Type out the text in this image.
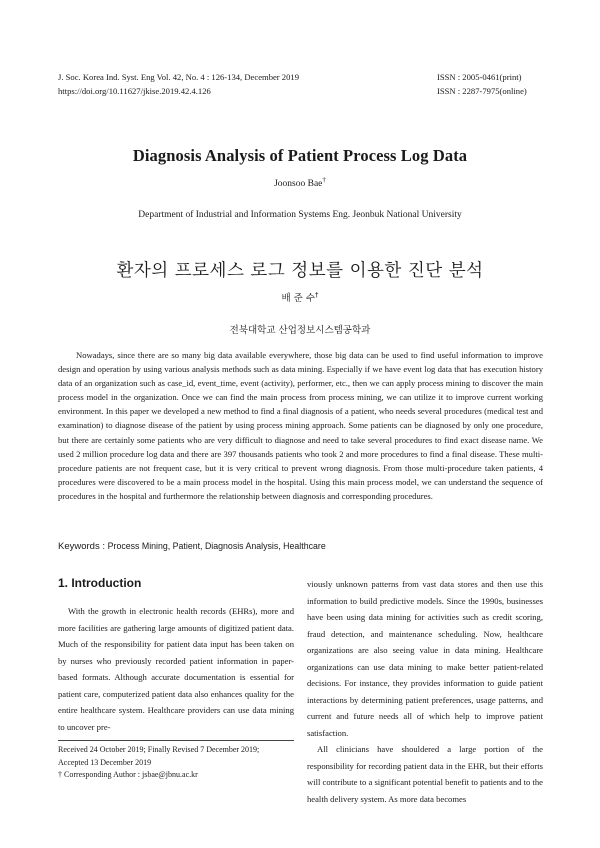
J. Soc. Korea Ind. Syst. Eng Vol. 42, No. 4 : 126-134, December 2019
https://doi.org/10.11627/jkise.2019.42.4.126
ISSN : 2005-0461(print)
ISSN : 2287-7975(online)
Diagnosis Analysis of Patient Process Log Data
Joonsoo Bae†
Department of Industrial and Information Systems Eng. Jeonbuk National University
환자의 프로세스 로그 정보를 이용한 진단 분석
배 준 수†
전북대학교 산업정보시스템공학과

Nowadays, since there are so many big data available everywhere, those big data can be used to find useful information to improve design and operation by using various analysis methods such as data mining. Especially if we have event log data that has execution history data of an organization such as case_id, event_time, event (activity), performer, etc., then we can apply process mining to discover the main process model in the organization. Once we can find the main process from process mining, we can utilize it to improve current working environment. In this paper we developed a new method to find a final diagnosis of a patient, who needs several procedures (medical test and examination) to diagnose disease of the patient by using process mining approach. Some patients can be diagnosed by only one procedure, but there are certainly some patients who are very difficult to diagnose and need to take several procedures to find exact disease name. We used 2 million procedure log data and there are 397 thousands patients who took 2 and more procedures to find a final disease. These multi-procedure patients are not frequent case, but it is very critical to prevent wrong diagnosis. From those multi-procedure taken patients, 4 procedures were discovered to be a main process model in the hospital. Using this main process model, we can understand the sequence of procedures in the hospital and furthermore the relationship between diagnosis and corresponding procedures.

Keywords : Process Mining, Patient, Diagnosis Analysis, Healthcare
1. Introduction

With the growth in electronic health records (EHRs), more and more facilities are gathering large amounts of digitized patient data. Much of the responsibility for patient data input has been taken on by nurses who previously recorded patient information in paper-based formats. Although accurate documentation is essential for patient care, computerized patient data also enhances quality for the entire healthcare system. Healthcare providers can use data mining to uncover pre-

viously unknown patterns from vast data stores and then use this information to build predictive models. Since the 1990s, businesses have been using data mining for activities such as credit scoring, fraud detection, and maintenance scheduling. Now, healthcare organizations are also seeing value in data mining. Healthcare organizations can use data mining to make better patient-related decisions. For instance, they provides information to guide patient interactions by determining patient preferences, usage patterns, and current and future needs all of which help to improve patient satisfaction.

All clinicians have shouldered a large portion of the responsibility for recording patient data in the EHR, but their efforts will contribute to a significant potential benefit to patients and to the health delivery system. As more data becomes

Received 24 October 2019; Finally Revised 7 December 2019;
Accepted 13 December 2019
† Corresponding Author : jsbae@jbnu.ac.kr
